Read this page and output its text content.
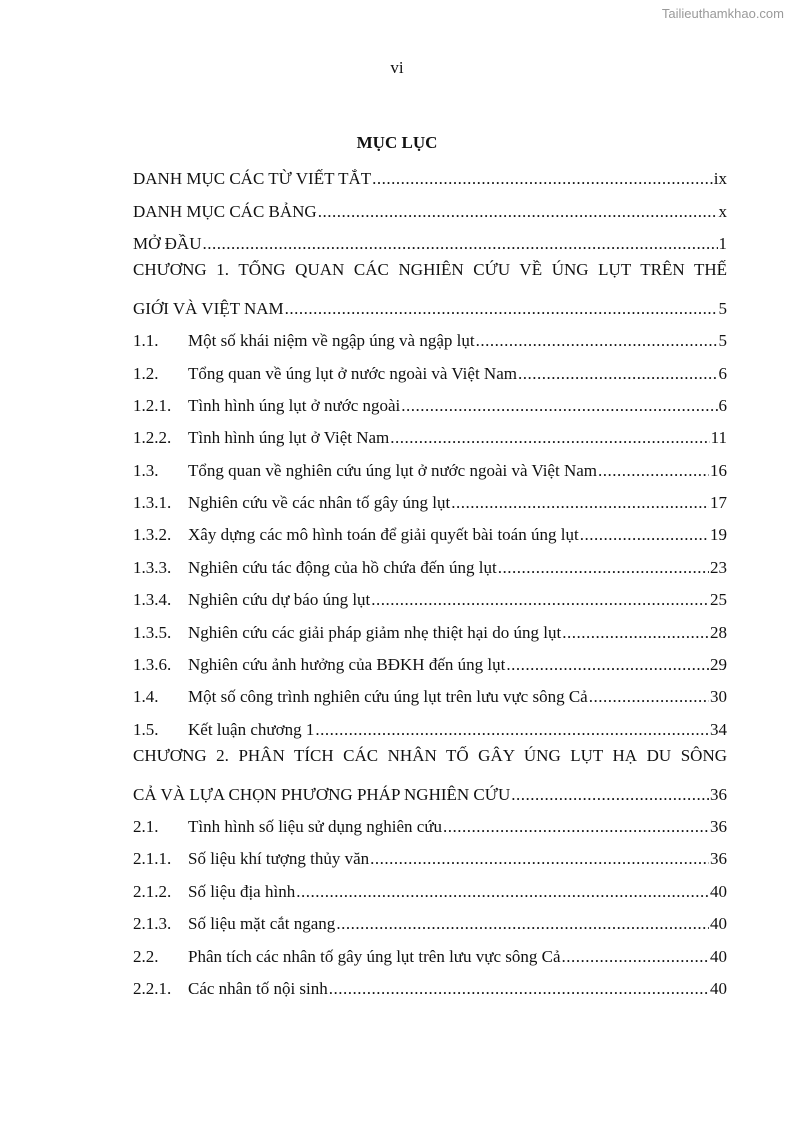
Tailieuthamkhao.com
vi
MỤC LỤC
DANH MỤC CÁC TỪ VIẾT TẮT .....	ix
DANH MỤC CÁC BẢNG .....	x
MỞ ĐẦU .....	1
CHƯƠNG 1. TỔNG QUAN CÁC NGHIÊN CỨU VỀ ÚNG LỤT TRÊN THẾ
GIỚI VÀ VIỆT NAM .....	5
1.1.	Một số khái niệm về ngập úng và ngập lụt .....	5
1.2.	Tổng quan về úng lụt ở nước ngoài và Việt Nam .....	6
1.2.1. Tình hình úng lụt ở nước ngoài .....	6
1.2.2. Tình hình úng lụt ở Việt Nam .....	11
1.3.	Tổng quan về nghiên cứu úng lụt ở nước ngoài và Việt Nam .....	16
1.3.1. Nghiên cứu về các nhân tố gây úng lụt .....	17
1.3.2. Xây dựng các mô hình toán để giải quyết bài toán úng lụt .....	19
1.3.3. Nghiên cứu tác động của hồ chứa đến úng lụt .....	23
1.3.4. Nghiên cứu dự báo úng lụt .....	25
1.3.5. Nghiên cứu các giải pháp giảm nhẹ thiệt hại do úng lụt .....	28
1.3.6. Nghiên cứu ảnh hưởng của BĐKH đến úng lụt .....	29
1.4.	Một số công trình nghiên cứu úng lụt trên lưu vực sông Cả .....	30
1.5.	Kết luận chương 1 .....	34
CHƯƠNG 2. PHÂN TÍCH CÁC NHÂN TỐ GÂY ÚNG LỤT HẠ DU SÔNG
CẢ VÀ LỰA CHỌN PHƯƠNG PHÁP NGHIÊN CỨU .....	36
2.1.	Tình hình số liệu sử dụng nghiên cứu .....	36
2.1.1. Số liệu khí tượng thủy văn .....	36
2.1.2. Số liệu địa hình .....	40
2.1.3. Số liệu mặt cắt ngang .....	40
2.2.	Phân tích các nhân tố gây úng lụt trên lưu vực sông Cả .....	40
2.2.1. Các nhân tố nội sinh .....	40
